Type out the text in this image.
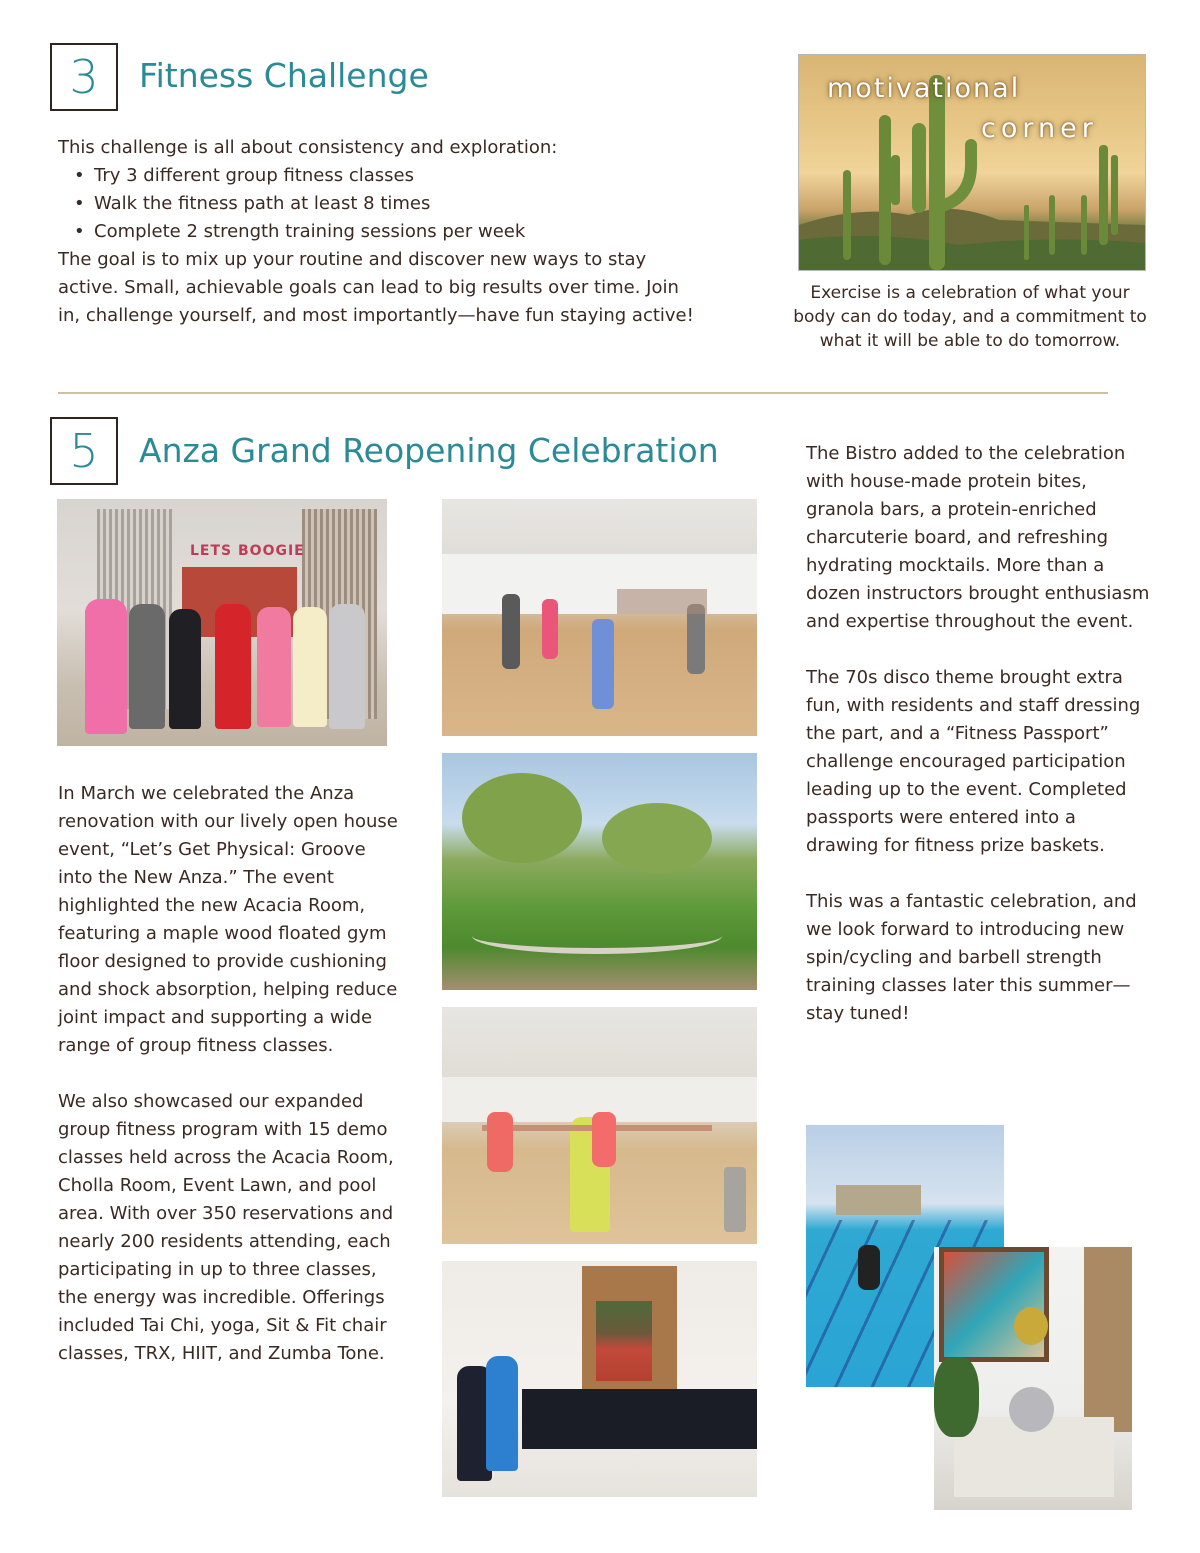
3 Fitness Challenge

This challenge is all about consistency and exploration:

• Try 3 different group fitness classes
• Walk the fitness path at least 8 times
• Complete 2 strength training sessions per week

The goal is to mix up your routine and discover new ways to stay active. Small, achievable goals can lead to big results over time. Join in, challenge yourself, and most importantly—have fun staying active!

motivational
corner
Exercise is a celebration of what your body can do today, and a commitment to what it will be able to do tomorrow.
5 Anza Grand Reopening Celebration
LETS BOOGIE

In March we celebrated the Anza renovation with our lively open house event, “Let’s Get Physical: Groove into the New Anza.” The event highlighted the new Acacia Room, featuring a maple wood floated gym floor designed to provide cushioning and shock absorption, helping reduce joint impact and supporting a wide range of group fitness classes.

We also showcased our expanded group fitness program with 15 demo classes held across the Acacia Room, Cholla Room, Event Lawn, and pool area. With over 350 reservations and nearly 200 residents attending, each participating in up to three classes, the energy was incredible. Offerings included Tai Chi, yoga, Sit & Fit chair classes, TRX, HIIT, and Zumba Tone.

The Bistro added to the celebration with house-made protein bites, granola bars, a protein-enriched charcuterie board, and refreshing hydrating mocktails. More than a dozen instructors brought enthusiasm and expertise throughout the event.

The 70s disco theme brought extra fun, with residents and staff dressing the part, and a “Fitness Passport” challenge encouraged participation leading up to the event. Completed passports were entered into a drawing for fitness prize baskets.

This was a fantastic celebration, and we look forward to introducing new spin/cycling and barbell strength training classes later this summer—stay tuned!
